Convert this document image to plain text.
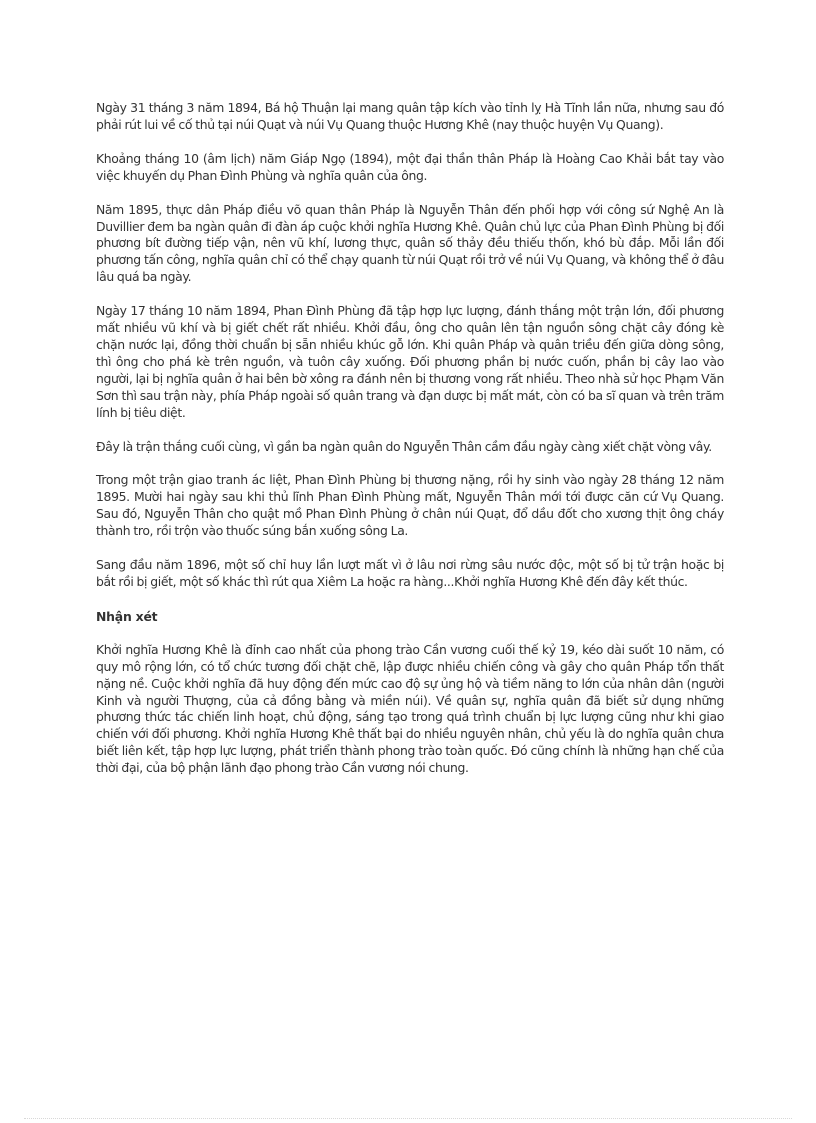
Ngày 31 tháng 3 năm 1894, Bá hộ Thuận lại mang quân tập kích vào tỉnh lỵ Hà Tĩnh lần nữa, nhưng sau đó phải rút lui về cố thủ tại núi Quạt và núi Vụ Quang thuộc Hương Khê (nay thuộc huyện Vụ Quang).

Khoảng tháng 10 (âm lịch) năm Giáp Ngọ (1894), một đại thần thân Pháp là Hoàng Cao Khải bắt tay vào việc khuyến dụ Phan Đình Phùng và nghĩa quân của ông.

Năm 1895, thực dân Pháp điều võ quan thân Pháp là Nguyễn Thân đến phối hợp với công sứ Nghệ An là Duvillier đem ba ngàn quân đi đàn áp cuộc khởi nghĩa Hương Khê. Quân chủ lực của Phan Đình Phùng bị đối phương bít đường tiếp vận, nên vũ khí, lương thực, quân số thảy đều thiếu thốn, khó bù đắp. Mỗi lần đối phương tấn công, nghĩa quân chỉ có thể chạy quanh từ núi Quạt rồi trở về núi Vụ Quang, và không thể ở đâu lâu quá ba ngày.

Ngày 17 tháng 10 năm 1894, Phan Đình Phùng đã tập hợp lực lượng, đánh thắng một trận lớn, đối phương mất nhiều vũ khí và bị giết chết rất nhiều. Khởi đầu, ông cho quân lên tận nguồn sông chặt cây đóng kè chặn nước lại, đồng thời chuẩn bị sẵn nhiều khúc gỗ lớn. Khi quân Pháp và quân triều đến giữa dòng sông, thì ông cho phá kè trên nguồn, và tuôn cây xuống. Đối phương phần bị nước cuốn, phần bị cây lao vào người, lại bị nghĩa quân ở hai bên bờ xông ra đánh nên bị thương vong rất nhiều. Theo nhà sử học Phạm Văn Sơn thì sau trận này, phía Pháp ngoài số quân trang và đạn dược bị mất mát, còn có ba sĩ quan và trên trăm lính bị tiêu diệt.

Đây là trận thắng cuối cùng, vì gần ba ngàn quân do Nguyễn Thân cầm đầu ngày càng xiết chặt vòng vây.

Trong một trận giao tranh ác liệt, Phan Đình Phùng bị thương nặng, rồi hy sinh vào ngày 28 tháng 12 năm 1895. Mười hai ngày sau khi thủ lĩnh Phan Đình Phùng mất, Nguyễn Thân mới tới được căn cứ Vụ Quang. Sau đó, Nguyễn Thân cho quật mồ Phan Đình Phùng ở chân núi Quạt, đổ dầu đốt cho xương thịt ông cháy thành tro, rồi trộn vào thuốc súng bắn xuống sông La.

Sang đầu năm 1896, một số chỉ huy lần lượt mất vì ở lâu nơi rừng sâu nước độc, một số bị tử trận hoặc bị bắt rồi bị giết, một số khác thì rút qua Xiêm La hoặc ra hàng...Khởi nghĩa Hương Khê đến đây kết thúc.

Nhận xét

Khởi nghĩa Hương Khê là đỉnh cao nhất của phong trào Cần vương cuối thế kỷ 19, kéo dài suốt 10 năm, có quy mô rộng lớn, có tổ chức tương đối chặt chẽ, lập được nhiều chiến công và gây cho quân Pháp tổn thất nặng nề. Cuộc khởi nghĩa đã huy động đến mức cao độ sự ủng hộ và tiềm năng to lớn của nhân dân (người Kinh và người Thượng, của cả đồng bằng và miền núi). Về quân sự, nghĩa quân đã biết sử dụng những phương thức tác chiến linh hoạt, chủ động, sáng tạo trong quá trình chuẩn bị lực lượng cũng như khi giao chiến với đối phương. Khởi nghĩa Hương Khê thất bại do nhiều nguyên nhân, chủ yếu là do nghĩa quân chưa biết liên kết, tập hợp lực lượng, phát triển thành phong trào toàn quốc. Đó cũng chính là những hạn chế của thời đại, của bộ phận lãnh đạo phong trào Cần vương nói chung.
